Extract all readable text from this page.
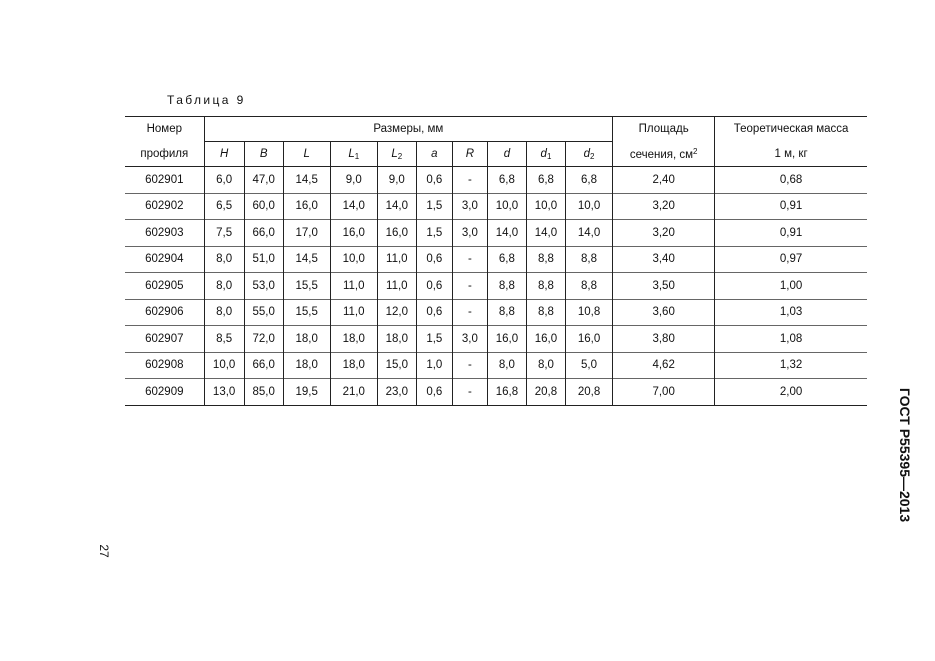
Таблица 9
Номер	Размеры, мм										Площадь	Теоретическая масса
профиля	H	B	L	$L_1$	$L_2$	a	R	d	$d_1$	$d_2$	сечения, $см^2$	1 м, кг
602901	6,0	47,0	14,5	9,0	9,0	0,6	-	6,8	6,8	6,8	2,40	0,68
602902	6,5	60,0	16,0	14,0	14,0	1,5	3,0	10,0	10,0	10,0	3,20	0,91
602903	7,5	66,0	17,0	16,0	16,0	1,5	3,0	14,0	14,0	14,0	3,20	0,91
602904	8,0	51,0	14,5	10,0	11,0	0,6	-	6,8	8,8	8,8	3,40	0,97
602905	8,0	53,0	15,5	11,0	11,0	0,6	-	8,8	8,8	8,8	3,50	1,00
602906	8,0	55,0	15,5	11,0	12,0	0,6	-	8,8	8,8	10,8	3,60	1,03
602907	8,5	72,0	18,0	18,0	18,0	1,5	3,0	16,0	16,0	16,0	3,80	1,08
602908	10,0	66,0	18,0	18,0	15,0	1,0	-	8,0	8,0	5,0	4,62	1,32
602909	13,0	85,0	19,5	21,0	23,0	0,6	-	16,8	20,8	20,8	7,00	2,00	ГОСТ Р55395—2013
27
